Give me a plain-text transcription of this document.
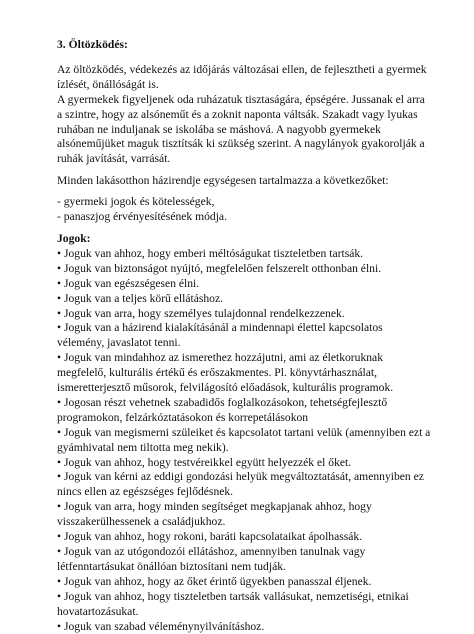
3. Öltözködés:

Az öltözködés, védekezés az időjárás változásai ellen, de fejlesztheti a gyermek

ízlését, önállóságát is.

A gyermekek figyeljenek oda ruházatuk tisztaságára, épségére. Jussanak el arra

a szintre, hogy az alsóneműt és a zoknit naponta váltsák. Szakadt vagy lyukas

ruhában ne induljanak se iskolába se máshová. A nagyobb gyermekek

alsóneműjüket maguk tisztítsák ki szükség szerint. A nagylányok gyakorolják a

ruhák javítását, varrását.

Minden lakásotthon házirendje egységesen tartalmazza a következőket:

- gyermeki jogok és kötelességek,
- panaszjog érvényesítésének módja.

Jogok:

• Joguk van ahhoz, hogy emberi méltóságukat tiszteletben tartsák.

• Joguk van biztonságot nyújtó, megfelelően felszerelt otthonban élni.

• Joguk van egészségesen élni.

• Joguk van a teljes körű ellátáshoz.

• Joguk van arra, hogy személyes tulajdonnal rendelkezzenek.

• Joguk van a házirend kialakításánál a mindennapi élettel kapcsolatos

vélemény, javaslatot tenni.

• Joguk van mindahhoz az ismerethez hozzájutni, ami az életkoruknak

megfelelő, kulturális értékű és erőszakmentes. Pl. könyvtárhasználat,

ismeretterjesztő műsorok, felvilágosító előadások, kulturális programok.

• Jogosan részt vehetnek szabadidős foglalkozásokon, tehetségfejlesztő

programokon, felzárkóztatásokon és korrepetálásokon

• Joguk van megismerni szüleiket és kapcsolatot tartani velük (amennyiben ezt a

gyámhivatal nem tiltotta meg nekik).

• Joguk van ahhoz, hogy testvéreikkel együtt helyezzék el őket.

• Joguk van kérni az eddigi gondozási helyük megváltoztatását, amennyiben ez

nincs ellen az egészséges fejlődésnek.

• Joguk van arra, hogy minden segítséget megkapjanak ahhoz, hogy

visszakerülhessenek a családjukhoz.

• Joguk van ahhoz, hogy rokoni, baráti kapcsolataikat ápolhassák.

• Joguk van az utógondozói ellátáshoz, amennyiben tanulnak vagy

létfenntartásukat önállóan biztosítani nem tudják.

• Joguk van ahhoz, hogy az őket érintő ügyekben panasszal éljenek.

• Joguk van ahhoz, hogy tiszteletben tartsák vallásukat, nemzetiségi, etnikai

hovatartozásukat.

• Joguk van szabad véleménynyilvánításhoz.
